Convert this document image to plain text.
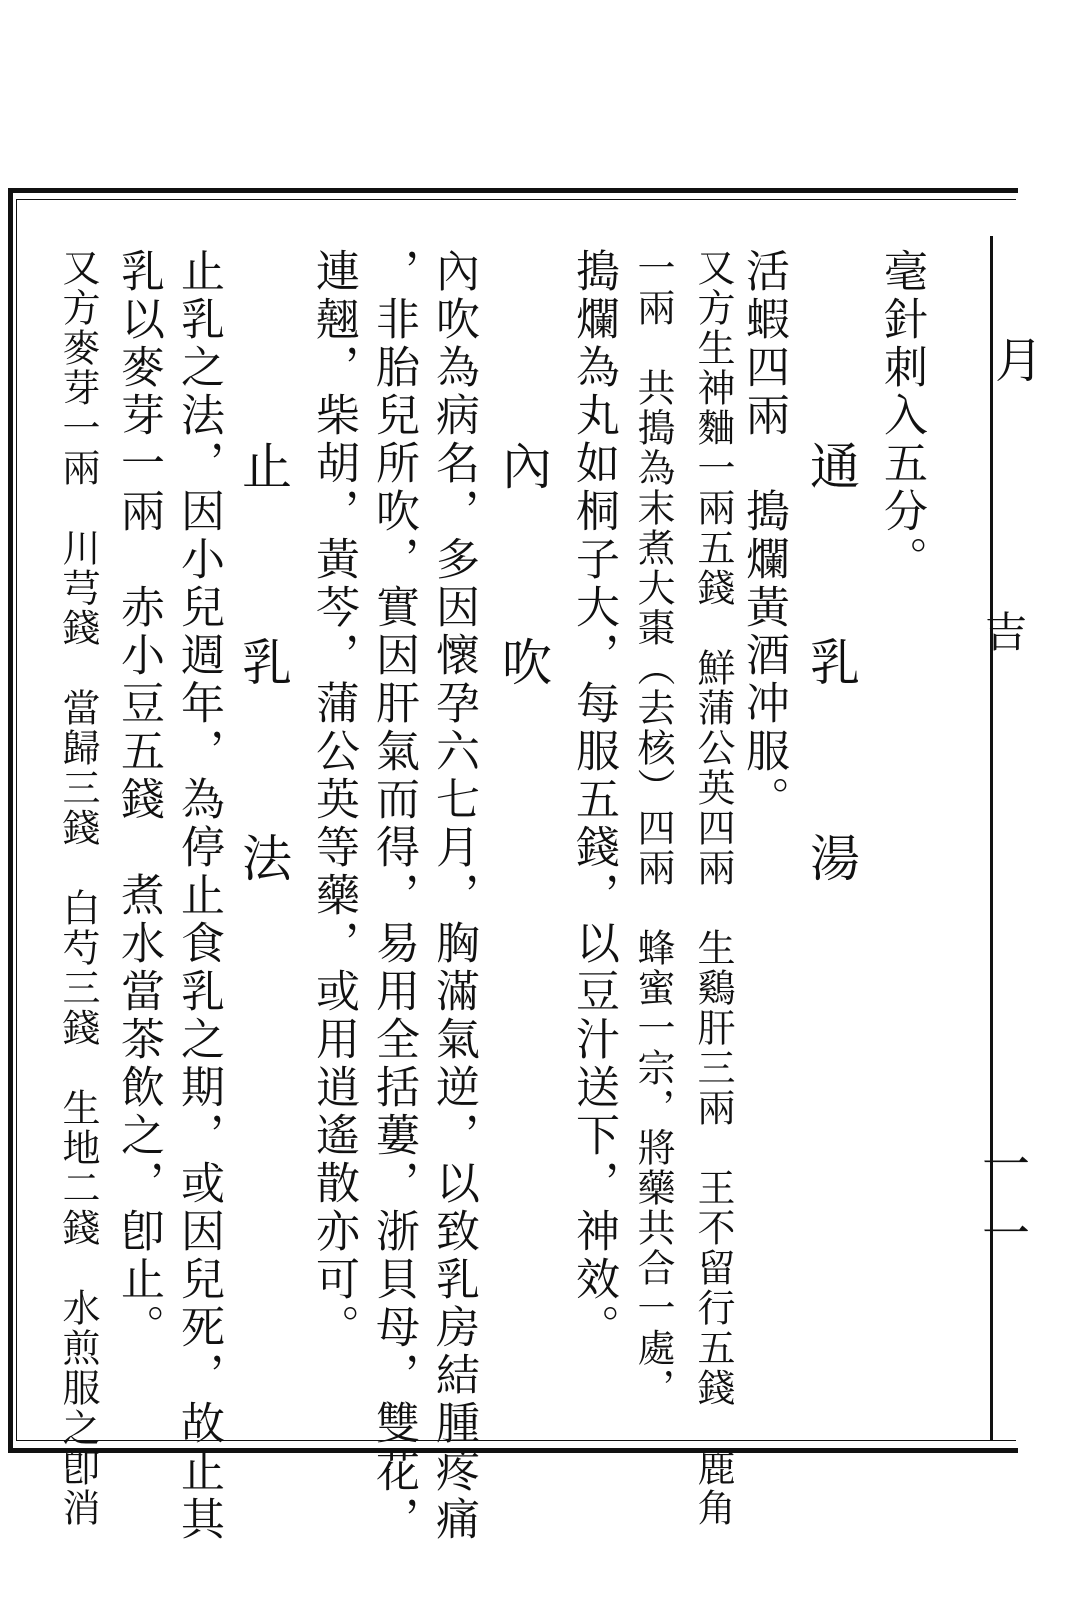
月
吉
一一
毫針刺入五分。
通 乳 湯
活蝦四兩　搗爛黃酒冲服。
又方生神麯一兩五錢　鮮蒲公英四兩　生鷄肝三兩　王不留行五錢　鹿角
一兩　共搗為末煮大棗（去核）四兩　蜂蜜一宗，將藥共合一處，
搗爛為丸如桐子大，每服五錢，以豆汁送下，神效。
內 吹
內吹為病名，多因懷孕六七月，胸滿氣逆，以致乳房結腫疼痛
，非胎兒所吹，實因肝氣而得，易用全括蔞，浙貝母，雙花，
連翹，柴胡，黃芩，蒲公英等藥，或用逍遙散亦可。
止 乳 法
止乳之法，因小兒週年，為停止食乳之期，或因兒死，故止其
乳以麥芽一兩　赤小豆五錢　煮水當茶飲之，卽止。
又方麥芽一兩　川芎錢　當歸三錢　白芍三錢　生地二錢　水煎服之卽消
